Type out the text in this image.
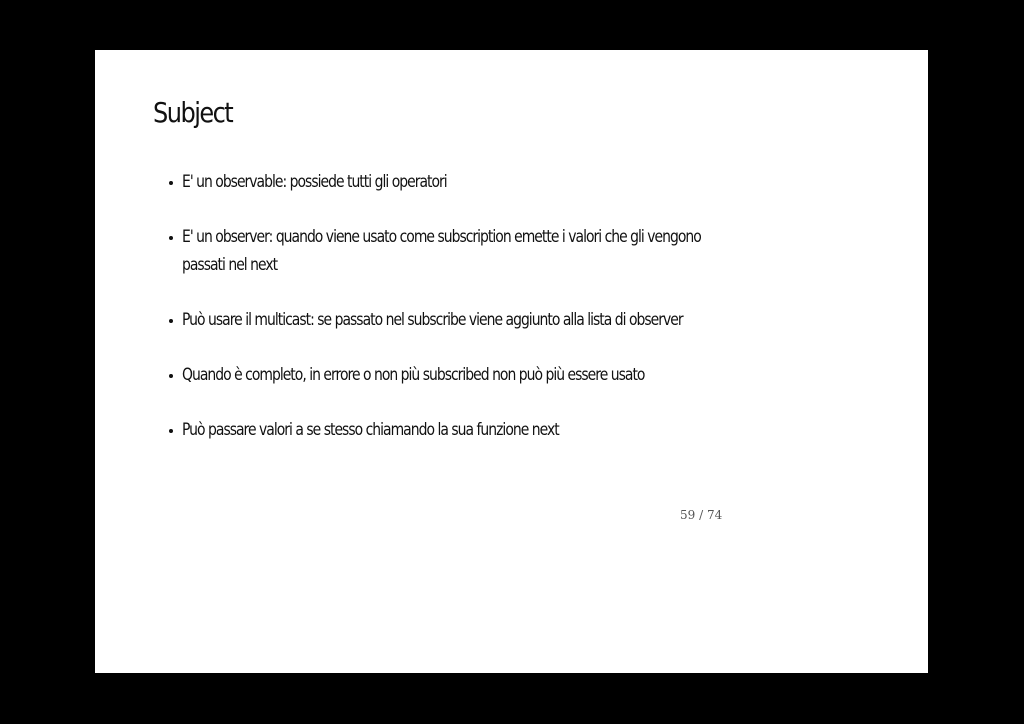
Subject
E' un observable: possiede tutti gli operatori
E' un observer: quando viene usato come subscription emette i valori che gli vengono passati nel next
Può usare il multicast: se passato nel subscribe viene aggiunto alla lista di observer
Quando è completo, in errore o non più subscribed non può più essere usato
Può passare valori a se stesso chiamando la sua funzione next
59 / 74
